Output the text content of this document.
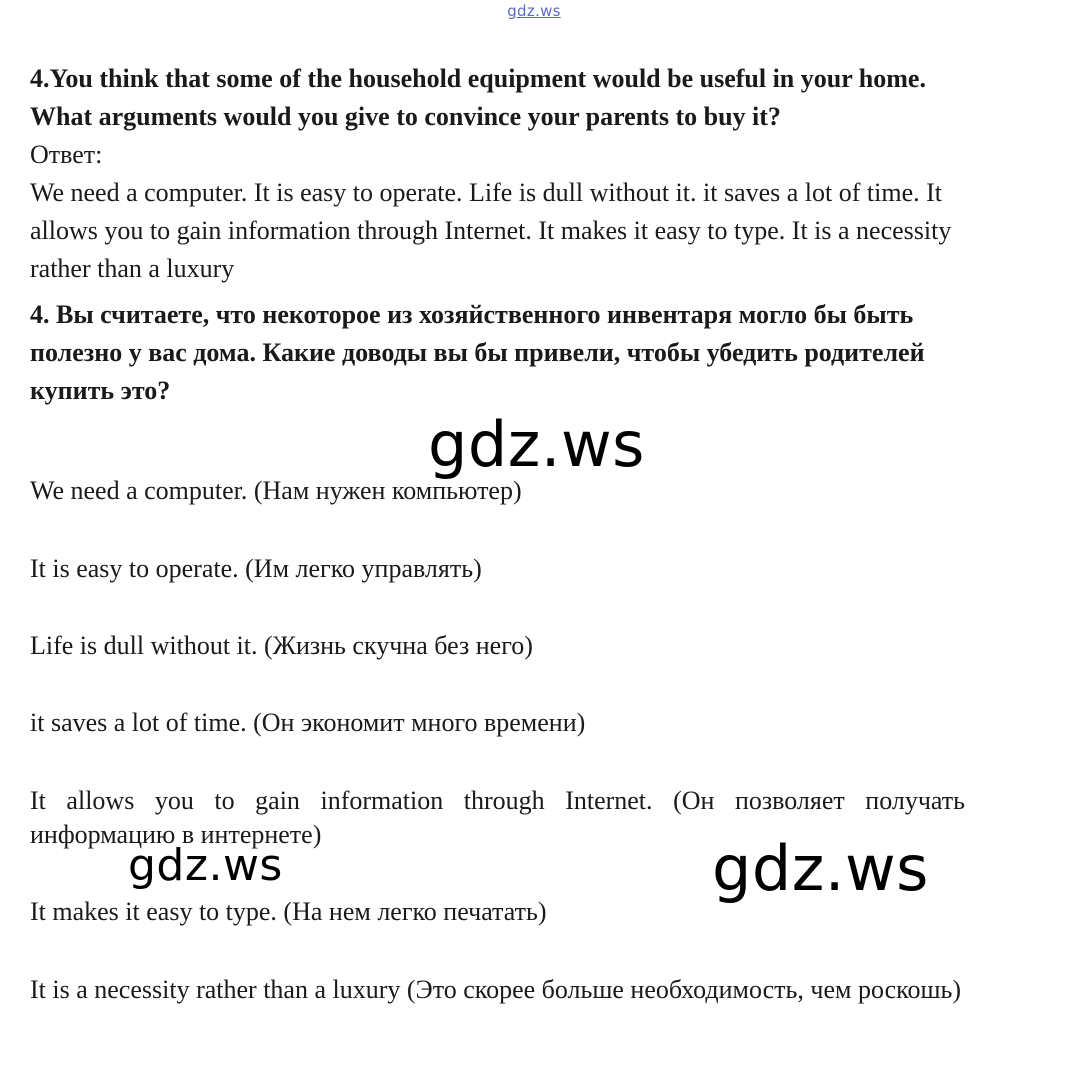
gdz.ws

4.You think that some of the household equipment would be useful in your home. What arguments would you give to convince your parents to buy it?

Ответ:

We need a computer. It is easy to operate. Life is dull without it. it saves a lot of time. It allows you to gain information through Internet. It makes it easy to type. It is a necessity rather than a luxury

4. Вы считаете, что некоторое из хозяйственного инвентаря могло бы быть полезно у вас дома. Какие доводы вы бы привели, чтобы убедить родителей купить это?

We need a computer. (Нам нужен компьютер)

It is easy to operate. (Им легко управлять)

Life is dull without it. (Жизнь скучна без него)

it saves a lot of time. (Он экономит много времени)

It allows you to gain information through Internet. (Он позволяет получать информацию в интернете)

It makes it easy to type. (На нем легко печатать)

It is a necessity rather than a luxury (Это скорее больше необходимость, чем роскошь)

gdz.ws
gdz.ws	gdz.ws
